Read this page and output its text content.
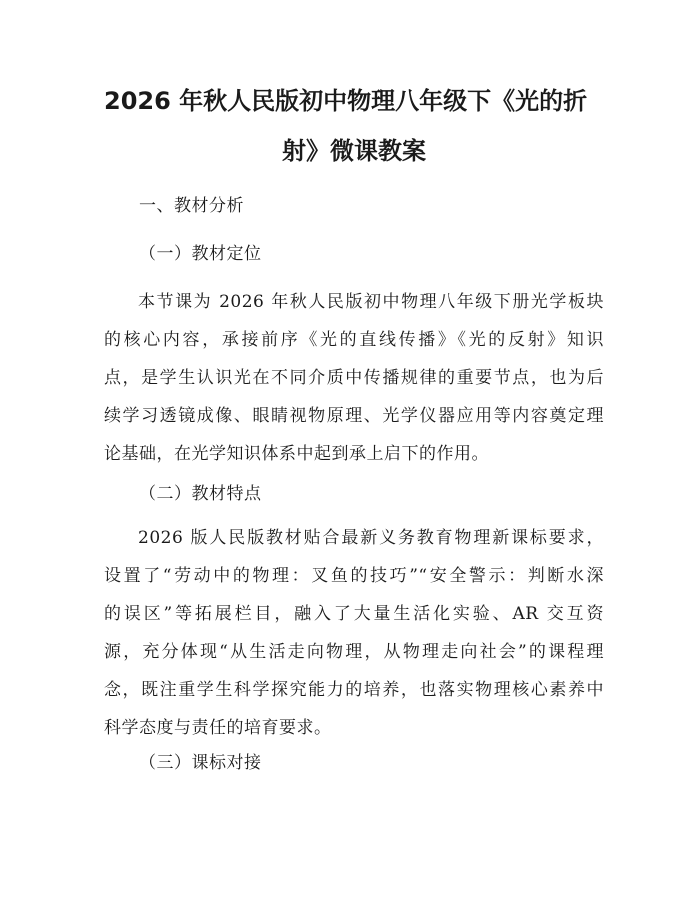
2026 年秋人民版初中物理八年级下《光的折
射》微课教案
一、教材分析
（一）教材定位
本节课为 2026 年秋人民版初中物理八年级下册光学板块
的核心内容，承接前序《光的直线传播》《光的反射》知识
点，是学生认识光在不同介质中传播规律的重要节点，也为后
续学习透镜成像、眼睛视物原理、光学仪器应用等内容奠定理
论基础，在光学知识体系中起到承上启下的作用。
（二）教材特点
2026 版人民版教材贴合最新义务教育物理新课标要求，
设置了“劳动中的物理：叉鱼的技巧”“安全警示：判断水深
的误区”等拓展栏目，融入了大量生活化实验、AR 交互资
源，充分体现“从生活走向物理，从物理走向社会”的课程理
念，既注重学生科学探究能力的培养，也落实物理核心素养中
科学态度与责任的培育要求。
（三）课标对接
